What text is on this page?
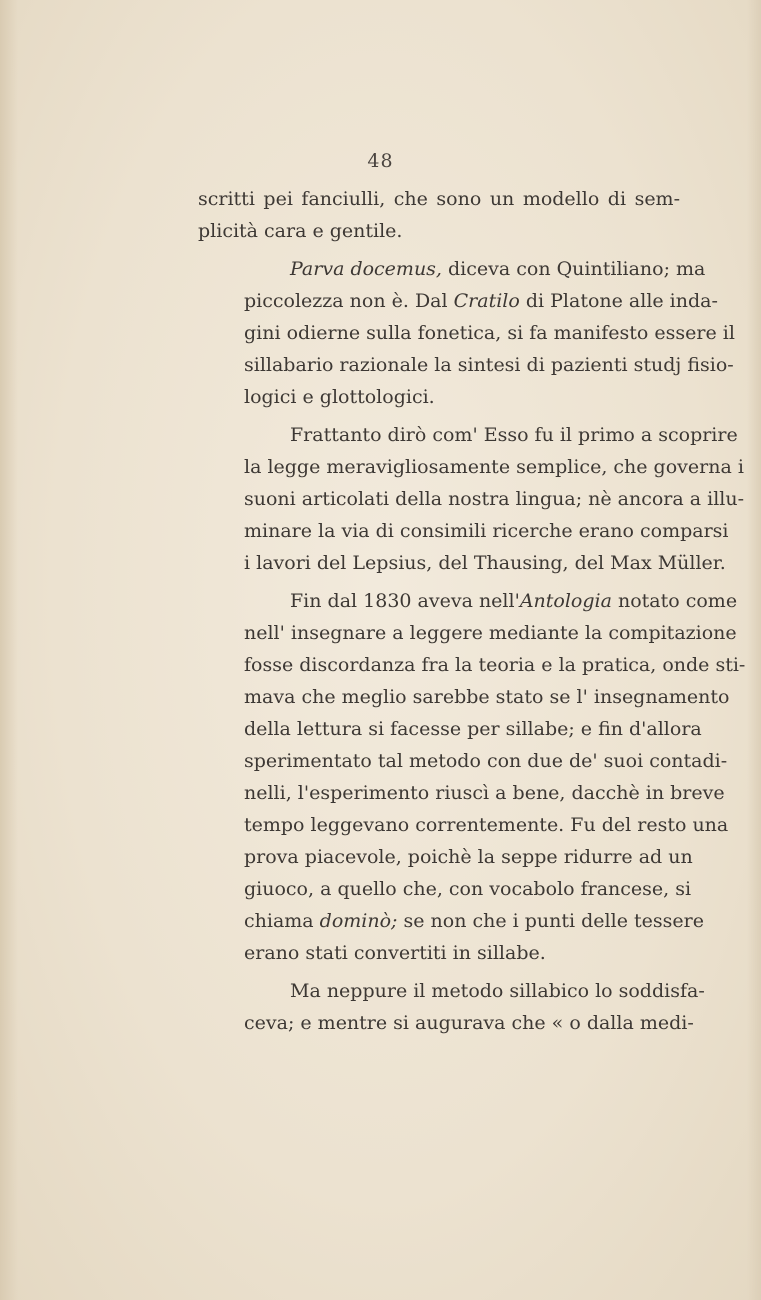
48
scritti pei fanciulli, che sono un modello di sem-
plicità cara e gentile.
Parva docemus, diceva con Quintiliano; ma
piccolezza non è. Dal Cratilo di Platone alle inda-
gini odierne sulla fonetica, si fa manifesto essere il
sillabario razionale la sintesi di pazienti studj fisio-
logici e glottologici.
Frattanto dirò com' Esso fu il primo a scoprire
la legge meravigliosamente semplice, che governa i
suoni articolati della nostra lingua; nè ancora a illu-
minare la via di consimili ricerche erano comparsi
i lavori del Lepsius, del Thausing, del Max Müller.
Fin dal 1830 aveva nell'Antologia notato come
nell' insegnare a leggere mediante la compitazione
fosse discordanza fra la teoria e la pratica, onde sti-
mava che meglio sarebbe stato se l' insegnamento
della lettura si facesse per sillabe; e fin d'allora
sperimentato tal metodo con due de' suoi contadi-
nelli, l'esperimento riuscì a bene, dacchè in breve
tempo leggevano correntemente. Fu del resto una
prova piacevole, poichè la seppe ridurre ad un
giuoco, a quello che, con vocabolo francese, si
chiama dominò; se non che i punti delle tessere
erano stati convertiti in sillabe.
Ma neppure il metodo sillabico lo soddisfa-
ceva; e mentre si augurava che « o dalla medi-
